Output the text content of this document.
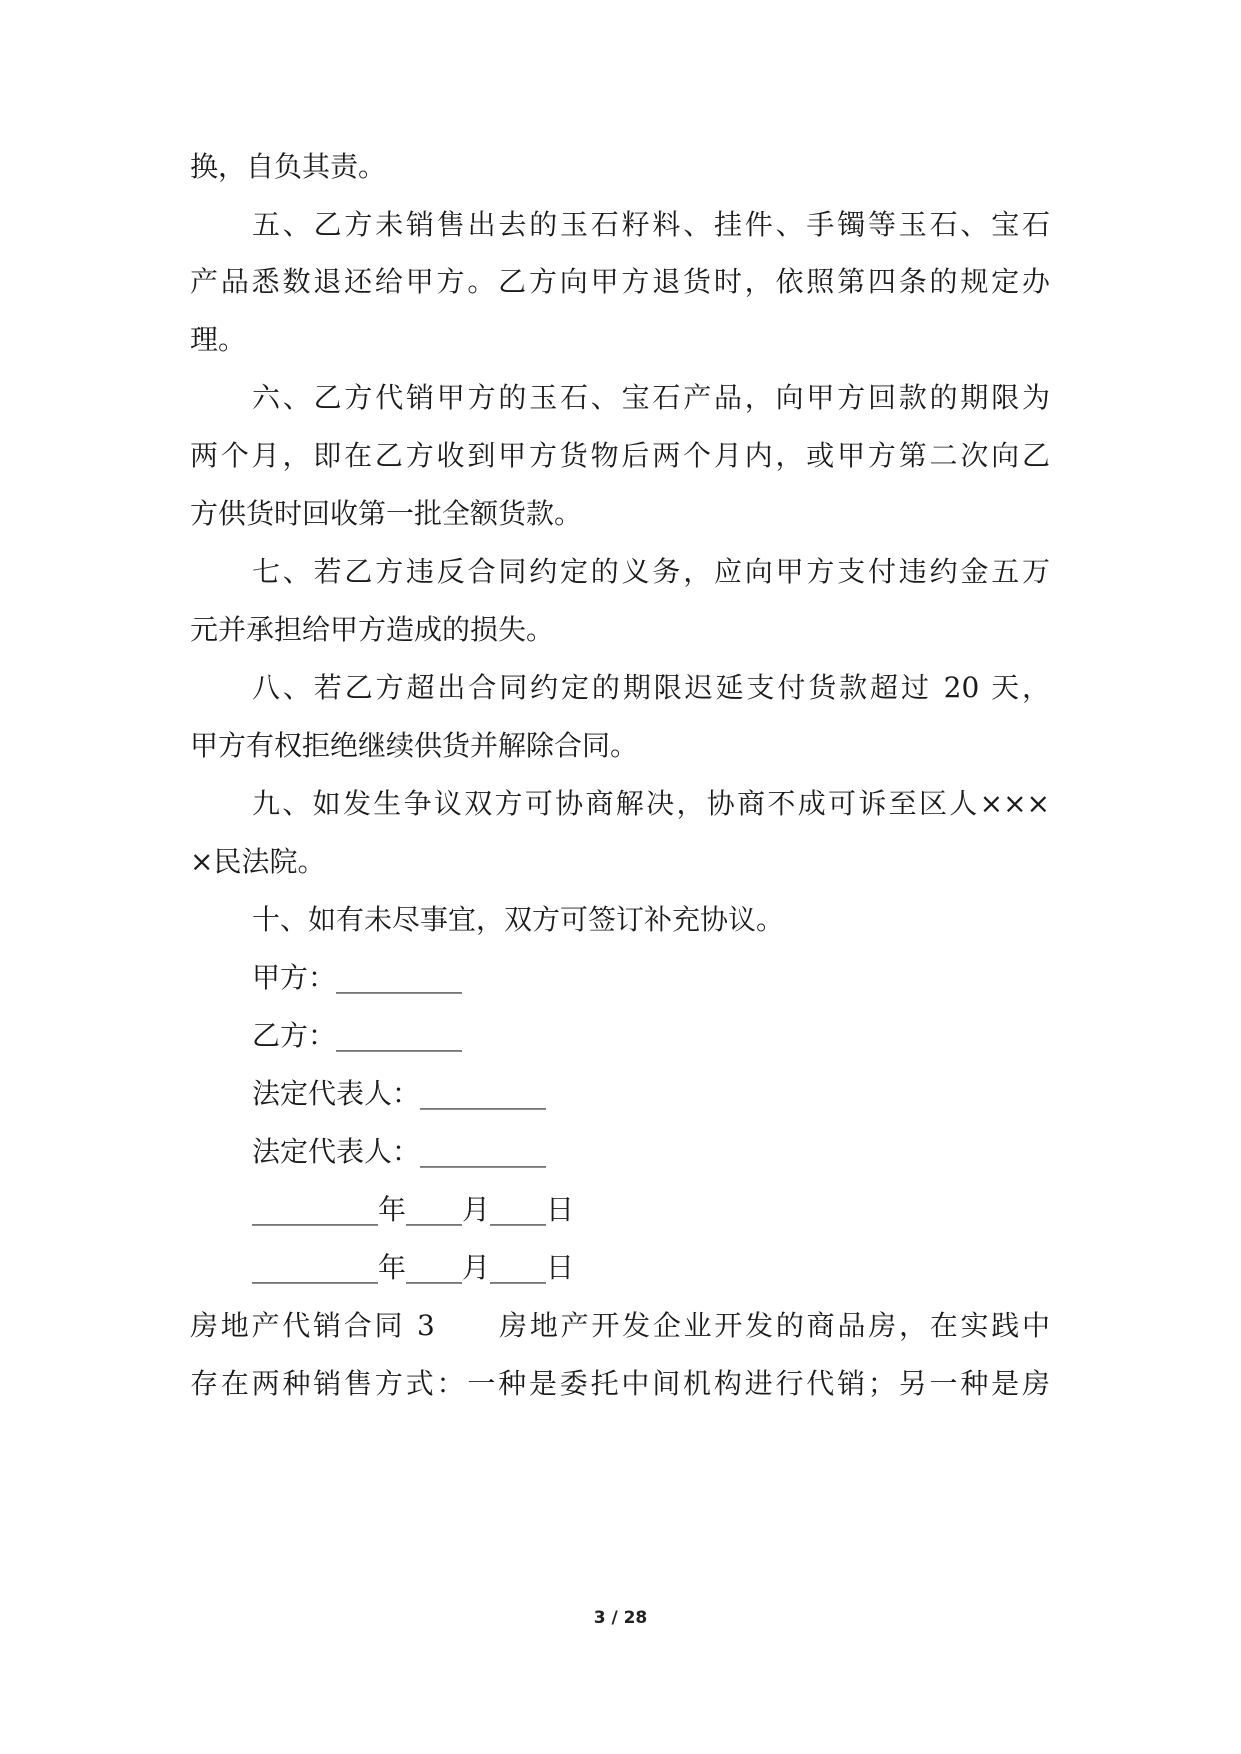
换，自负其责。

五、乙方未销售出去的玉石籽料、挂件、手镯等玉石、宝石

产品悉数退还给甲方。乙方向甲方退货时，依照第四条的规定办

理。

六、乙方代销甲方的玉石、宝石产品，向甲方回款的期限为

两个月，即在乙方收到甲方货物后两个月内，或甲方第二次向乙

方供货时回收第一批全额货款。

七、若乙方违反合同约定的义务，应向甲方支付违约金五万

元并承担给甲方造成的损失。

八、若乙方超出合同约定的期限迟延支付货款超过 20 天，

甲方有权拒绝继续供货并解除合同。

九、如发生争议双方可协商解决，协商不成可诉至区人×××

×民法院。

十、如有未尽事宜，双方可签订补充协议。

甲方：_________

乙方：_________

法定代表人：_________

法定代表人：_________

_________年____月____日

_________年____月____日

房地产代销合同 3　　房地产开发企业开发的商品房，在实践中

存在两种销售方式：一种是委托中间机构进行代销；另一种是房

3 / 28
